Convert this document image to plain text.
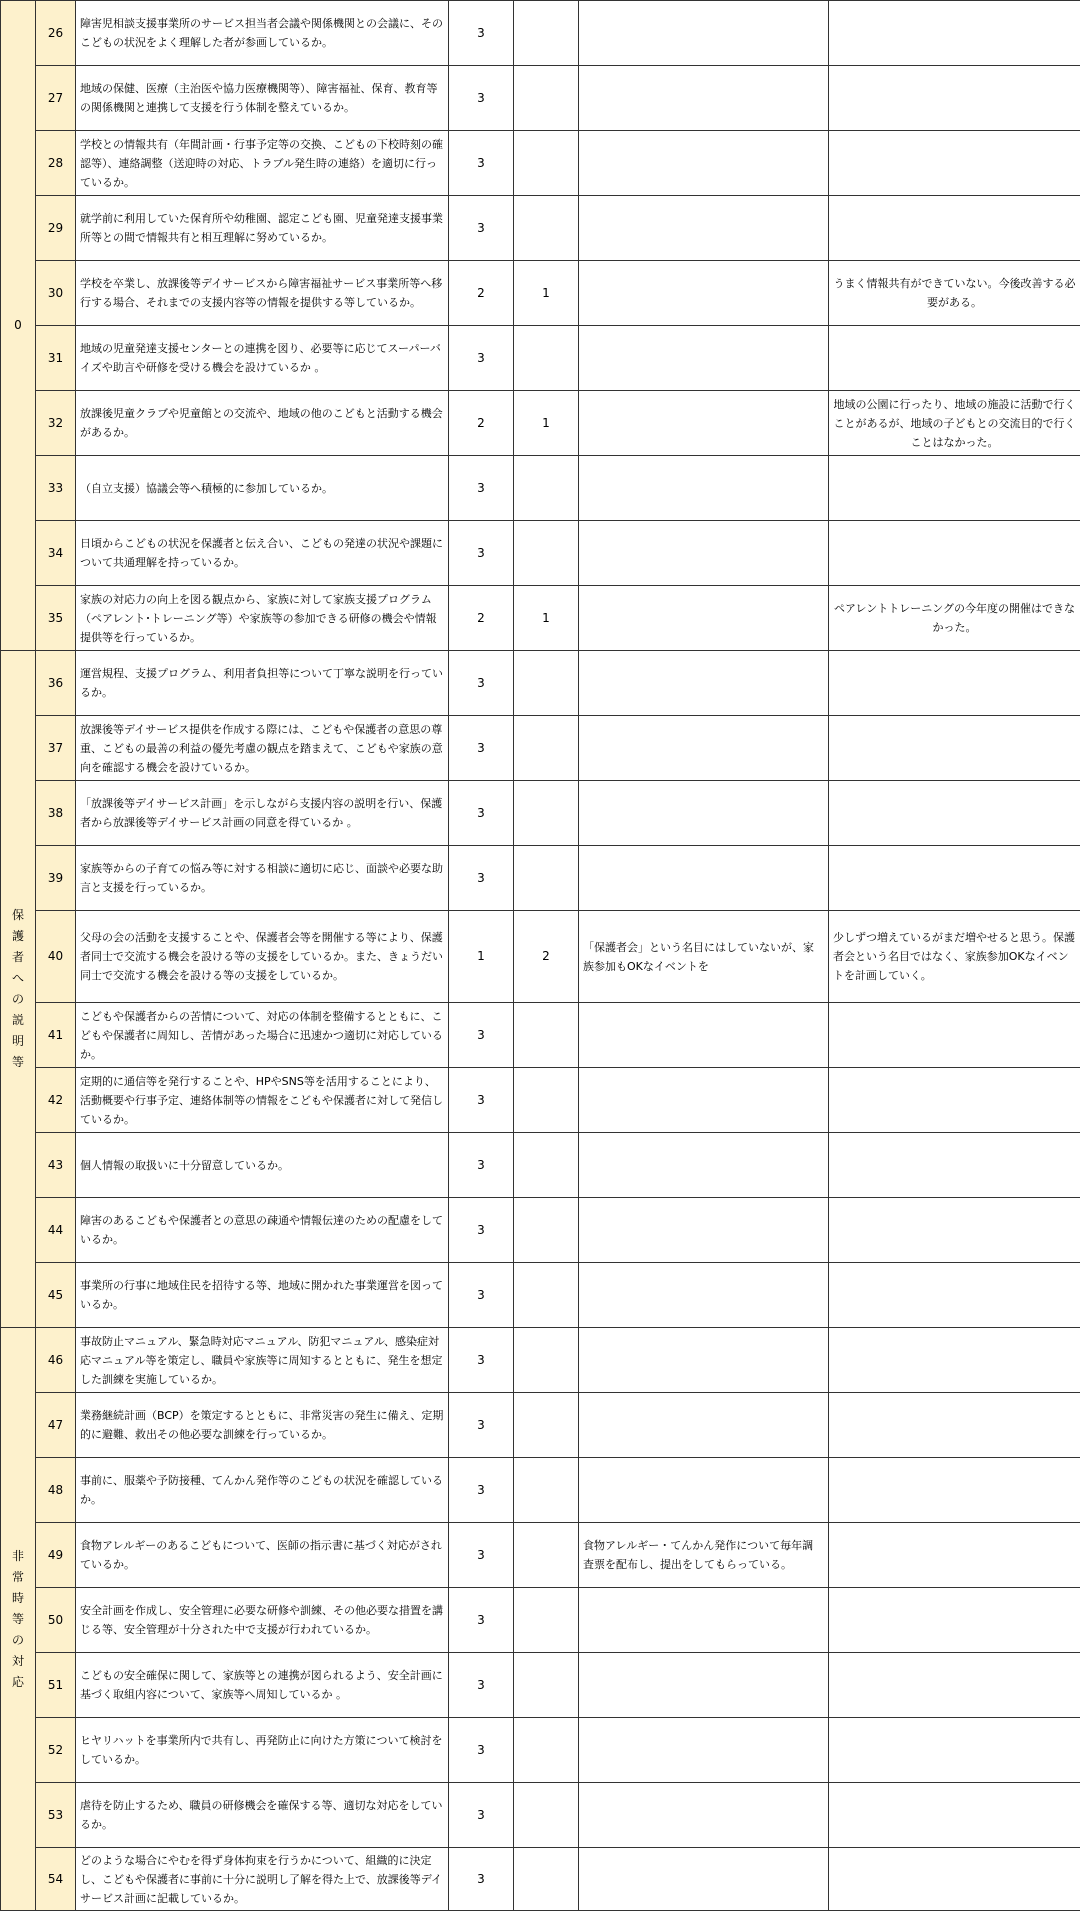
0	26	障害児相談支援事業所のサービス担当者会議や関係機関との会議に、そのこどもの状況をよく理解した者が参画しているか。	3			
	27	地域の保健、医療（主治医や協力医療機関等）、障害福祉、保育、教育等の関係機関と連携して支援を行う体制を整えているか。	3			
	28	学校との情報共有（年間計画・行事予定等の交換、こどもの下校時刻の確認等）、連絡調整（送迎時の対応、トラブル発生時の連絡）を適切に行っているか。	3			
	29	就学前に利用していた保育所や幼稚園、認定こども園、児童発達支援事業所等との間で情報共有と相互理解に努めているか。	3			
	30	学校を卒業し、放課後等デイサービスから障害福祉サービス事業所等へ移行する場合、それまでの支援内容等の情報を提供する等しているか。	2	1		うまく情報共有ができていない。今後改善する必要がある。
	31	地域の児童発達支援センターとの連携を図り、必要等に応じてスーパーバイズや助言や研修を受ける機会を設けているか 。	3			
	32	放課後児童クラブや児童館との交流や、地域の他のこどもと活動する機会があるか。	2	1		地域の公園に行ったり、地域の施設に活動で行くことがあるが、地域の子どもとの交流目的で行くことはなかった。
	33	（自立支援）協議会等へ積極的に参加しているか。	3			
	34	日頃からこどもの状況を保護者と伝え合い、こどもの発達の状況や課題について共通理解を持っているか。	3			
	35	家族の対応力の向上を図る観点から、家族に対して家族支援プログラム（ペアレント･トレーニング等）や家族等の参加できる研修の機会や情報提供等を行っているか。	2	1		ペアレントトレーニングの今年度の開催はできなかった。
保護者への説明等	36	運営規程、支援プログラム、利用者負担等について丁寧な説明を行っているか。	3			
	37	放課後等デイサービス提供を作成する際には、こどもや保護者の意思の尊重、こどもの最善の利益の優先考慮の観点を踏まえて、こどもや家族の意向を確認する機会を設けているか。	3			
	38	「放課後等デイサービス計画」を示しながら支援内容の説明を行い、保護者から放課後等デイサービス計画の同意を得ているか 。	3			
	39	家族等からの子育ての悩み等に対する相談に適切に応じ、面談や必要な助言と支援を行っているか。	3			
	40	父母の会の活動を支援することや、保護者会等を開催する等により、保護者同士で交流する機会を設ける等の支援をしているか。また、きょうだい同士で交流する機会を設ける等の支援をしているか。	1	2	「保護者会」という名目にはしていないが、家族参加もOKなイベントを	少しずつ増えているがまだ増やせると思う。保護者会という名目ではなく、家族参加OKなイベントを計画していく。
	41	こどもや保護者からの苦情について、対応の体制を整備するとともに、こどもや保護者に周知し、苦情があった場合に迅速かつ適切に対応しているか。	3			
	42	定期的に通信等を発行することや、HPやSNS等を活用することにより、活動概要や行事予定、連絡体制等の情報をこどもや保護者に対して発信しているか。	3			
	43	個人情報の取扱いに十分留意しているか。	3			
	44	障害のあるこどもや保護者との意思の疎通や情報伝達のための配慮をしているか。	3			
	45	事業所の行事に地域住民を招待する等、地域に開かれた事業運営を図っているか。	3			
非常時等の対応	46	事故防止マニュアル、緊急時対応マニュアル、防犯マニュアル、感染症対応マニュアル等を策定し、職員や家族等に周知するとともに、発生を想定した訓練を実施しているか。	3			
	47	業務継続計画（BCP）を策定するとともに、非常災害の発生に備え、定期的に避難、救出その他必要な訓練を行っているか。	3			
	48	事前に、服薬や予防接種、てんかん発作等のこどもの状況を確認しているか。	3			
	49	食物アレルギーのあるこどもについて、医師の指示書に基づく対応がされているか。	3		食物アレルギー・てんかん発作について毎年調査票を配布し、提出をしてもらっている。	
	50	安全計画を作成し、安全管理に必要な研修や訓練、その他必要な措置を講じる等、安全管理が十分された中で支援が行われているか。	3			
	51	こどもの安全確保に関して、家族等との連携が図られるよう、安全計画に基づく取組内容について、家族等へ周知しているか 。	3			
	52	ヒヤリハットを事業所内で共有し、再発防止に向けた方策について検討をしているか。	3			
	53	虐待を防止するため、職員の研修機会を確保する等、適切な対応をしているか。	3			
	54	どのような場合にやむを得ず身体拘束を行うかについて、組織的に決定し、こどもや保護者に事前に十分に説明し了解を得た上で、放課後等デイサービス計画に記載しているか。	3			
